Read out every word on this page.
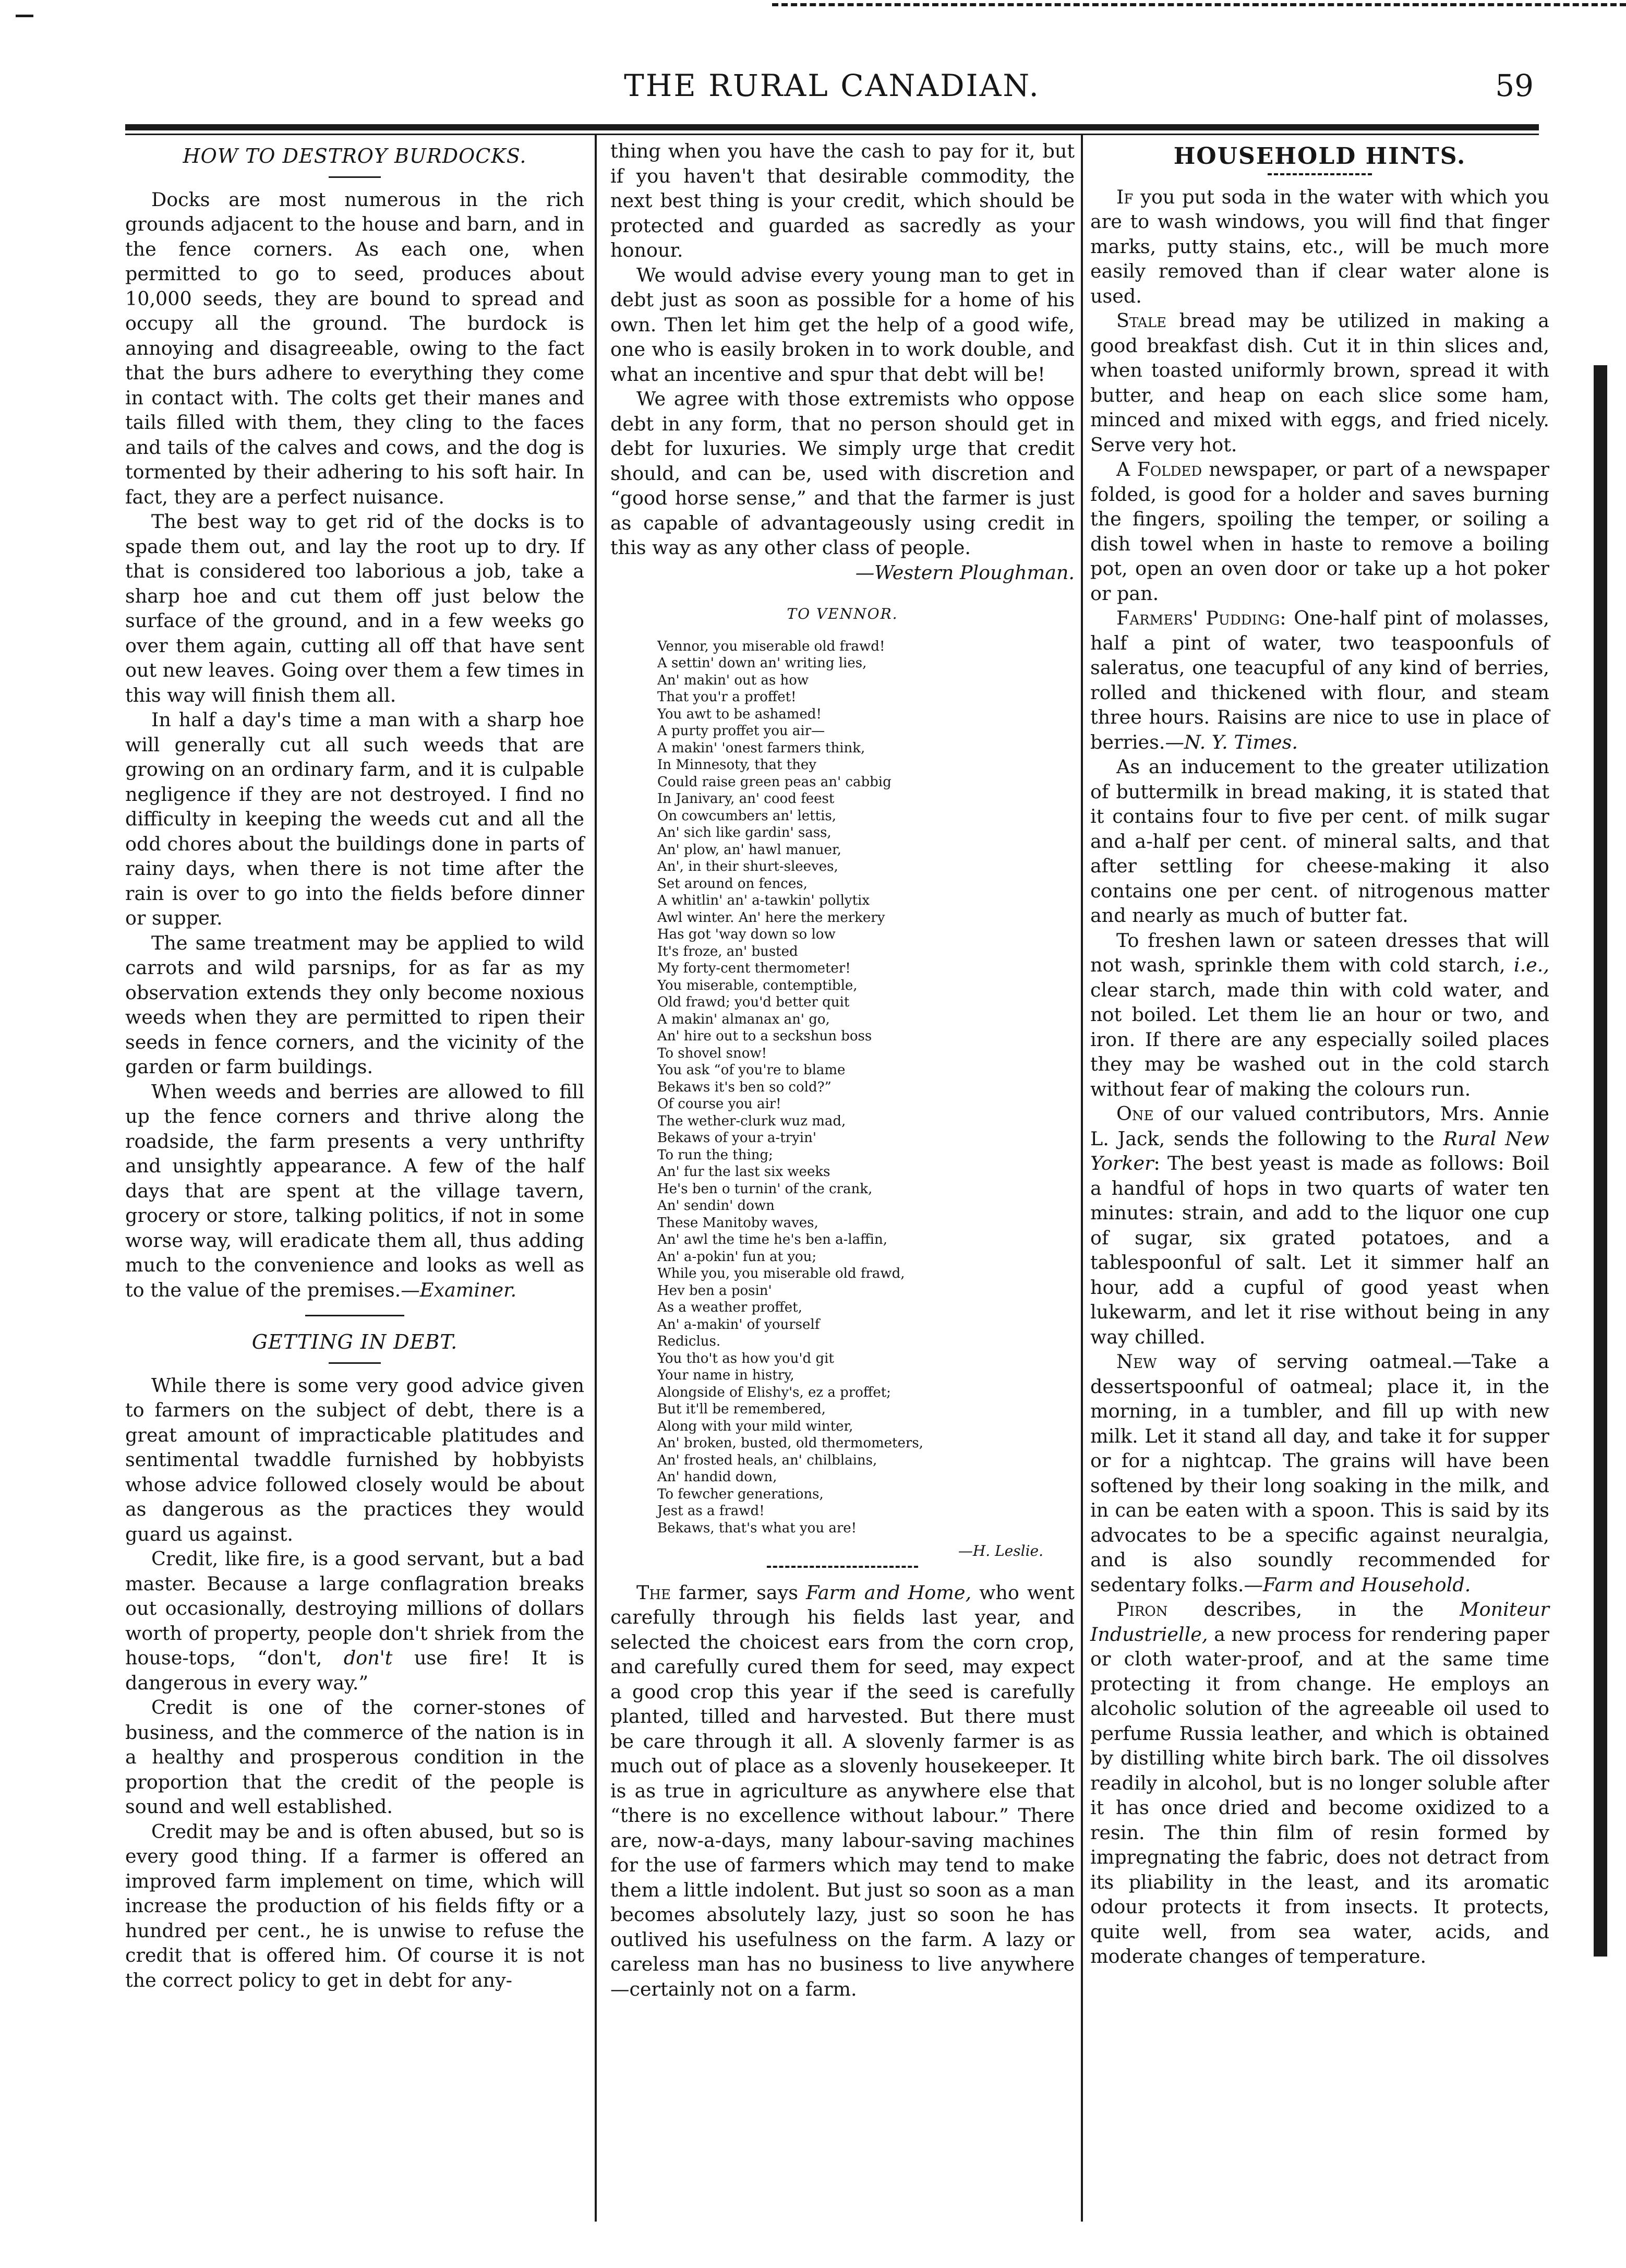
THE RURAL CANADIAN.	59

HOW TO DESTROY BURDOCKS.

Docks are most numerous in the rich grounds adjacent to the house and barn, and in the fence corners. As each one, when permitted to go to seed, produces about 10,000 seeds, they are bound to spread and occupy all the ground. The burdock is annoying and disagreeable, owing to the fact that the burs adhere to everything they come in contact with. The colts get their manes and tails filled with them, they cling to the faces and tails of the calves and cows, and the dog is tormented by their adhering to his soft hair. In fact, they are a perfect nuisance.

The best way to get rid of the docks is to spade them out, and lay the root up to dry. If that is considered too laborious a job, take a sharp hoe and cut them off just below the surface of the ground, and in a few weeks go over them again, cutting all off that have sent out new leaves. Going over them a few times in this way will finish them all.

In half a day's time a man with a sharp hoe will generally cut all such weeds that are growing on an ordinary farm, and it is culpable negligence if they are not destroyed. I find no difficulty in keeping the weeds cut and all the odd chores about the buildings done in parts of rainy days, when there is not time after the rain is over to go into the fields before dinner or supper.

The same treatment may be applied to wild carrots and wild parsnips, for as far as my observation extends they only become noxious weeds when they are permitted to ripen their seeds in fence corners, and the vicinity of the garden or farm buildings.

When weeds and berries are allowed to fill up the fence corners and thrive along the roadside, the farm presents a very unthrifty and unsightly appearance. A few of the half days that are spent at the village tavern, grocery or store, talking politics, if not in some worse way, will eradicate them all, thus adding much to the convenience and looks as well as to the value of the premises.—Examiner.

GETTING IN DEBT.

While there is some very good advice given to farmers on the subject of debt, there is a great amount of impracticable platitudes and sentimental twaddle furnished by hobbyists whose advice followed closely would be about as dangerous as the practices they would guard us against.

Credit, like fire, is a good servant, but a bad master. Because a large conflagration breaks out occasionally, destroying millions of dollars worth of property, people don't shriek from the house-tops, “don't, don't use fire! It is dangerous in every way.”

Credit is one of the corner-stones of business, and the commerce of the nation is in a healthy and prosperous condition in the proportion that the credit of the people is sound and well established.

Credit may be and is often abused, but so is every good thing. If a farmer is offered an improved farm implement on time, which will increase the production of his fields fifty or a hundred per cent., he is unwise to refuse the credit that is offered him. Of course it is not the correct policy to get in debt for any-

thing when you have the cash to pay for it, but if you haven't that desirable commodity, the next best thing is your credit, which should be protected and guarded as sacredly as your honour.

We would advise every young man to get in debt just as soon as possible for a home of his own. Then let him get the help of a good wife, one who is easily broken in to work double, and what an incentive and spur that debt will be!

We agree with those extremists who oppose debt in any form, that no person should get in debt for luxuries. We simply urge that credit should, and can be, used with discretion and “good horse sense,” and that the farmer is just as capable of advantageously using credit in this way as any other class of people.

—Western Ploughman.

TO VENNOR.
Vennor, you miserable old frawd!
A settin' down an' writing lies,
An' makin' out as how
That you'r a proffet!
You awt to be ashamed!
A purty proffet you air—
A makin' 'onest farmers think,
In Minnesoty, that they
Could raise green peas an' cabbig
In Janivary, an' cood feest
On cowcumbers an' lettis,
An' sich like gardin' sass,
An' plow, an' hawl manuer,
An', in their shurt-sleeves,
Set around on fences,
A whitlin' an' a-tawkin' pollytix
Awl winter. An' here the merkery
Has got 'way down so low
It's froze, an' busted
My forty-cent thermometer!
You miserable, contemptible,
Old frawd; you'd better quit
A makin' almanax an' go,
An' hire out to a seckshun boss
To shovel snow!
You ask “of you're to blame
Bekaws it's ben so cold?”
Of course you air!
The wether-clurk wuz mad,
Bekaws of your a-tryin'
To run the thing;
An' fur the last six weeks
He's ben o turnin' of the crank,
An' sendin' down
These Manitoby waves,
An' awl the time he's ben a-laffin,
An' a-pokin' fun at you;
While you, you miserable old frawd,
Hev ben a posin'
As a weather proffet,
An' a-makin' of yourself
Rediclus.
You tho't as how you'd git
Your name in histry,
Alongside of Elishy's, ez a proffet;
But it'll be remembered,
Along with your mild winter,
An' broken, busted, old thermometers,
An' frosted heals, an' chilblains,
An' handid down,
To fewcher generations,
Jest as a frawd!
Bekaws, that's what you are!
—H. Leslie.

The farmer, says Farm and Home, who went carefully through his fields last year, and selected the choicest ears from the corn crop, and carefully cured them for seed, may expect a good crop this year if the seed is carefully planted, tilled and harvested. But there must be care through it all. A slovenly farmer is as much out of place as a slovenly housekeeper. It is as true in agriculture as anywhere else that “there is no excellence without labour.” There are, now-a-days, many labour-saving machines for the use of farmers which may tend to make them a little indolent. But just so soon as a man becomes absolutely lazy, just so soon he has outlived his usefulness on the farm. A lazy or careless man has no business to live anywhere—certainly not on a farm.

HOUSEHOLD HINTS.

If you put soda in the water with which you are to wash windows, you will find that finger marks, putty stains, etc., will be much more easily removed than if clear water alone is used.

Stale bread may be utilized in making a good breakfast dish. Cut it in thin slices and, when toasted uniformly brown, spread it with butter, and heap on each slice some ham, minced and mixed with eggs, and fried nicely. Serve very hot.

A Folded newspaper, or part of a newspaper folded, is good for a holder and saves burning the fingers, spoiling the temper, or soiling a dish towel when in haste to remove a boiling pot, open an oven door or take up a hot poker or pan.

Farmers' Pudding: One-half pint of molasses, half a pint of water, two teaspoonfuls of saleratus, one teacupful of any kind of berries, rolled and thickened with flour, and steam three hours. Raisins are nice to use in place of berries.—N. Y. Times.

As an inducement to the greater utilization of buttermilk in bread making, it is stated that it contains four to five per cent. of milk sugar and a-half per cent. of mineral salts, and that after settling for cheese-making it also contains one per cent. of nitrogenous matter and nearly as much of butter fat.

To freshen lawn or sateen dresses that will not wash, sprinkle them with cold starch, i.e., clear starch, made thin with cold water, and not boiled. Let them lie an hour or two, and iron. If there are any especially soiled places they may be washed out in the cold starch without fear of making the colours run.

One of our valued contributors, Mrs. Annie L. Jack, sends the following to the Rural New Yorker: The best yeast is made as follows: Boil a handful of hops in two quarts of water ten minutes: strain, and add to the liquor one cup of sugar, six grated potatoes, and a tablespoonful of salt. Let it simmer half an hour, add a cupful of good yeast when lukewarm, and let it rise without being in any way chilled.

New way of serving oatmeal.—Take a dessertspoonful of oatmeal; place it, in the morning, in a tumbler, and fill up with new milk. Let it stand all day, and take it for supper or for a nightcap. The grains will have been softened by their long soaking in the milk, and in can be eaten with a spoon. This is said by its advocates to be a specific against neuralgia, and is also soundly recommended for sedentary folks.—Farm and Household.

Piron describes, in the Moniteur Industrielle, a new process for rendering paper or cloth water-proof, and at the same time protecting it from change. He employs an alcoholic solution of the agreeable oil used to perfume Russia leather, and which is obtained by distilling white birch bark. The oil dissolves readily in alcohol, but is no longer soluble after it has once dried and become oxidized to a resin. The thin film of resin formed by impregnating the fabric, does not detract from its pliability in the least, and its aromatic odour protects it from insects. It protects, quite well, from sea water, acids, and moderate changes of temperature.
